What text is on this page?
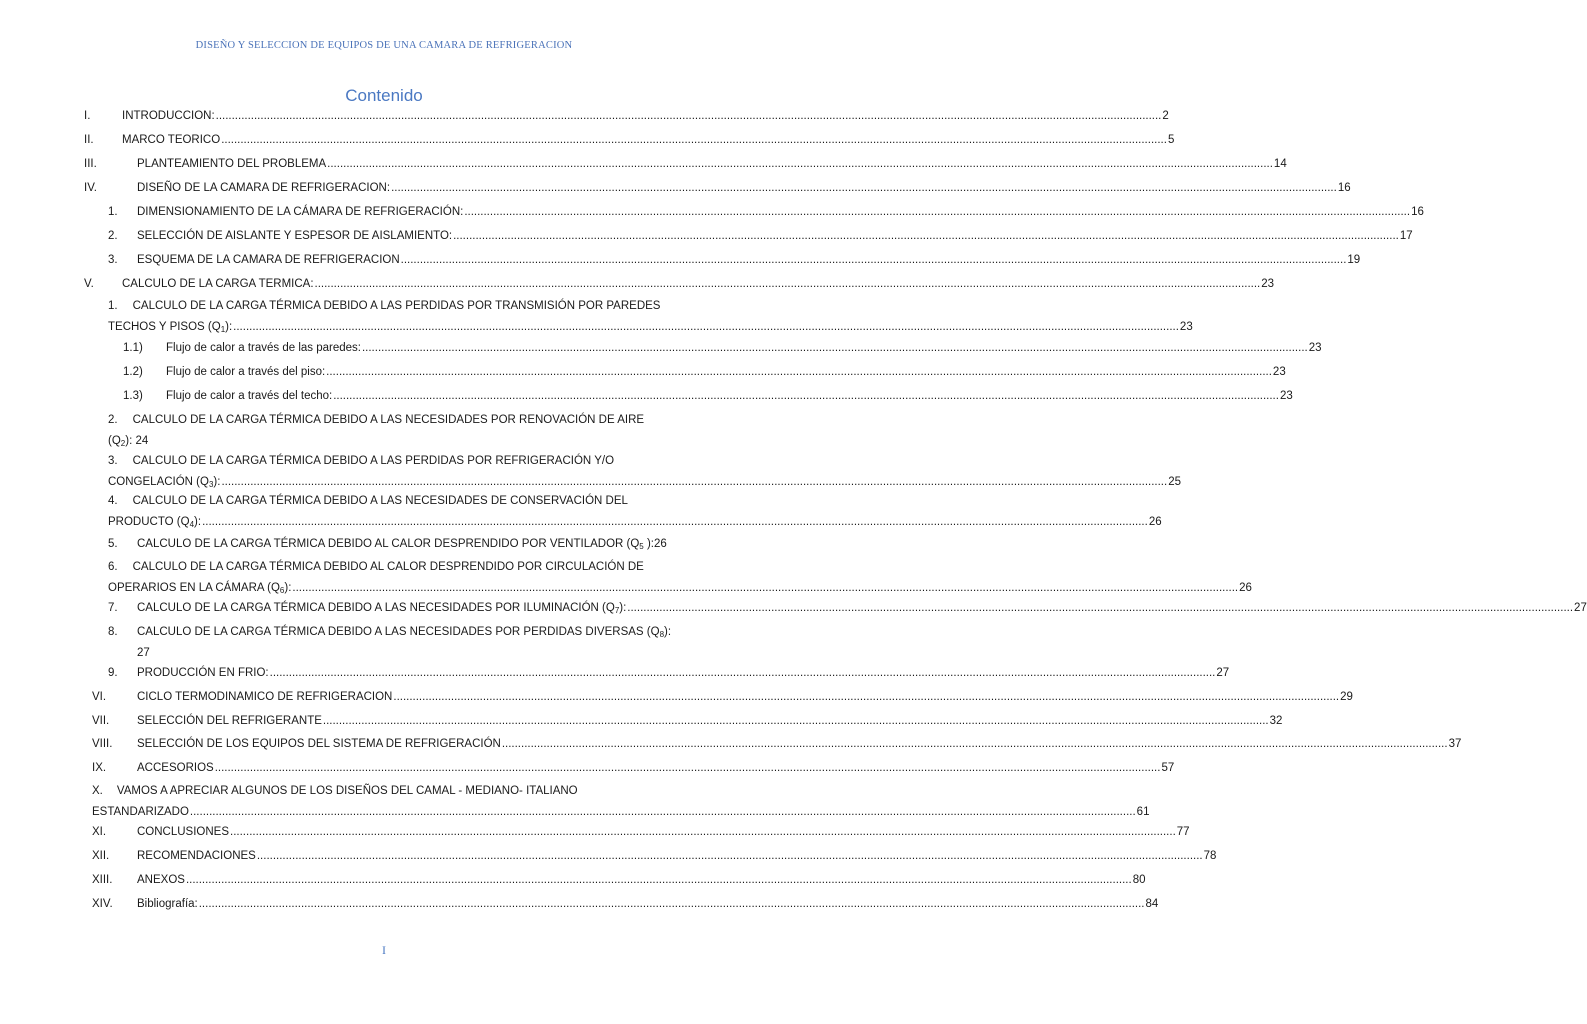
DISEÑO Y SELECCION DE EQUIPOS DE UNA CAMARA DE REFRIGERACION
Contenido
I.	INTRODUCCION: .....	2
II. MARCO TEORICO .....	5
III.	PLANTEAMIENTO DEL PROBLEMA .....	14
IV.	DISEÑO DE LA CAMARA DE REFRIGERACION: .....	16
1. DIMENSIONAMIENTO DE LA CÁMARA DE REFRIGERACIÓN: .....	16
2. SELECCIÓN DE AISLANTE Y ESPESOR DE AISLAMIENTO: .....	17
3. ESQUEMA DE LA CAMARA DE REFRIGERACION .....	19
V. CALCULO DE LA CARGA TERMICA: .....	23
1. CALCULO DE LA CARGA TÉRMICA DEBIDO A LAS PERDIDAS POR TRANSMISIÓN POR PAREDES
TECHOS Y PISOS $(Q_1)$: .....	23
1.1) Flujo de calor a través de las paredes: .....	23
1.2) Flujo de calor a través del piso: .....	23
1.3) Flujo de calor a través del techo: .....	23
2. CALCULO DE LA CARGA TÉRMICA DEBIDO A LAS NECESIDADES POR RENOVACIÓN DE AIRE
$(Q_2)$: 24
3. CALCULO DE LA CARGA TÉRMICA DEBIDO A LAS PERDIDAS POR REFRIGERACIÓN Y/O
CONGELACIÓN $(Q_3)$: .....	25
4. CALCULO DE LA CARGA TÉRMICA DEBIDO A LAS NECESIDADES DE CONSERVACIÓN DEL
PRODUCTO $(Q_4)$: .....	26
5. CALCULO DE LA CARGA TÉRMICA DEBIDO AL CALOR DESPRENDIDO POR VENTILADOR ($Q_5$ ): 26
6. CALCULO DE LA CARGA TÉRMICA DEBIDO AL CALOR DESPRENDIDO POR CIRCULACIÓN DE
OPERARIOS EN LA CÁMARA $(Q_6)$: .....	26
7. CALCULO DE LA CARGA TÉRMICA DEBIDO A LAS NECESIDADES POR ILUMINACIÓN $(Q_7)$: .....	27
8. CALCULO DE LA CARGA TÉRMICA DEBIDO A LAS NECESIDADES POR PERDIDAS DIVERSAS $(Q_8)$:
27
9. PRODUCCIÓN EN FRIO: .....	27
VI.	CICLO TERMODINAMICO DE REFRIGERACION .....	29
VII. SELECCIÓN DEL REFRIGERANTE .....	32
VIII. SELECCIÓN DE LOS EQUIPOS DEL SISTEMA DE REFRIGERACIÓN .....	37
IX.	ACCESORIOS .....	57
X. VAMOS A APRECIAR ALGUNOS DE LOS DISEÑOS DEL CAMAL - MEDIANO- ITALIANO
ESTANDARIZADO .....	61
XI.	CONCLUSIONES .....	77
XII. RECOMENDACIONES .....	78
XIII. ANEXOS .....	80
XIV. Bibliografía: .....	84
I
